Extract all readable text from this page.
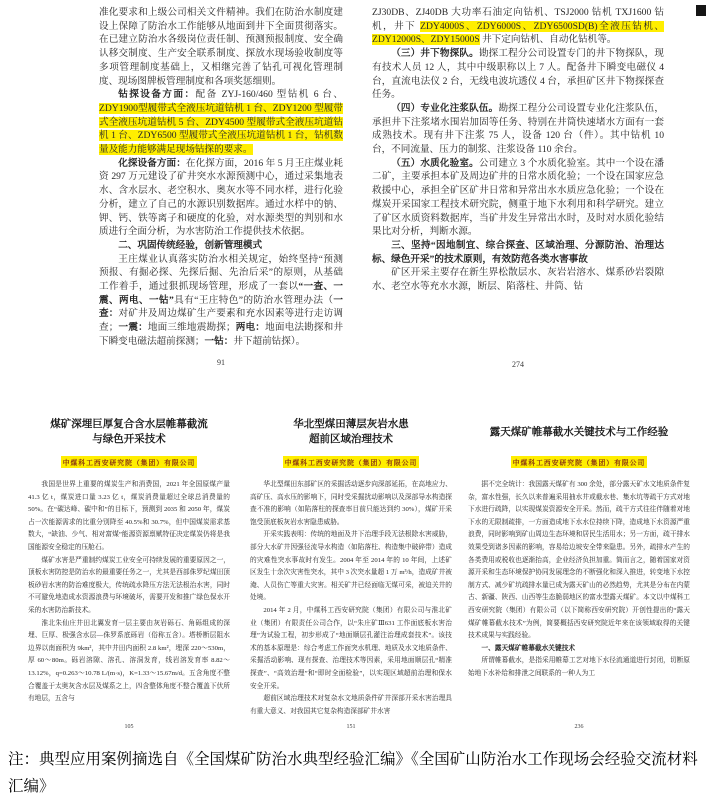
准化要求和上级公司相关文件精神。我们在防治水制度建设上保障了防治水工作能够从地面到井下全面贯彻落实。在已建立防治水各级岗位责任制、预测预报制度、安全确认移交制度、生产安全联系制度、探放水现场验收制度等多项管理制度基础上，又相继完善了钻孔可视化管理制度、现场图牌板管理制度和各项奖惩细则。

钻探设备方面：配备 ZYJ-160/460 型钻机 6 台、ZDY1900型履带式全液压坑道钻机 1 台、ZDY1200 型履带式全液压坑道钻机 5 台、ZDY4500 型履带式全液压坑道钻机 1 台、ZDY6500 型履带式全液压坑道钻机 1 台，钻机数量及能力能够满足现场钻探的要求。

化探设备方面：在化探方面，2016 年 5 月王庄煤业耗资 297 万元建设了矿井突水水源预测中心，通过采集地表水、含水层水、老空积水、奥灰水等不同水样，进行化验分析，建立了自己的水源识别数据库。通过水样中的钠、钾、钙、铁等离子和硬度的化验，对水源类型的判别和水质进行全面分析，为水害防治工作提供技术依据。

二、巩固传统经验，创新管理模式

王庄煤业认真落实防治水相关规定，始终坚持“预测预报、有掘必探、先探后掘、先治后采”的原则，从基础工作着手，通过狠抓现场管理，形成了一套以“一查、一震、两电、一钻”具有“王庄特色”的防治水管理办法（一查：对矿井及周边煤矿生产要素和充水因素等进行走访调查；一震：地面三维地震勘探；两电：地面电法勘探和井下瞬变电磁法超前探测；一钻：井下超前钻探）。

91

ZJ30DB、ZJ40DB 大功率石油定向钻机、TSJ2000 钻机 TXJ1600 钻机，井下 ZDY4000S、ZDY6000S、ZDY6500SD(B)全液压钻机、ZDY12000S、ZDY15000S 井下定向钻机、自动化钻机等。

（三）井下物探队。勘探工程分公司设置专门的井下物探队，现有技术人员 12 人，其中中级职称以上 7 人。配备井下瞬变电磁仪 4 台，直流电法仪 2 台，无线电波坑透仪 4 台，承担矿区井下物探探查任务。

（四）专业化注浆队伍。勘探工程分公司设置专业化注浆队伍，承担井下注浆堵水围岩加固等任务、特别在井筒快速堵水方面有一套成熟技术。现有井下注浆 75 人，设备 120 台（件）。其中钻机 10 台，不同流量、压力的制浆、注浆设备 110 余台。

（五）水质化验室。公司建立 3 个水质化验室。其中一个设在潘二矿，主要承担本矿及周边矿井的日常水质化验；一个设在国家应急救援中心，承担全矿区矿井日常和异常出水水质应急化验；一个设在煤炭开采国家工程技术研究院，侧重于地下水利用和科学研究。建立了矿区水质资料数据库，当矿井发生异常出水时，及时对水质化验结果比对分析，判断水源。

三、坚持“因地制宜、综合探查、区域治理、分源防治、治理达标、绿色开采”的技术原则，有效防范各类水害事故

矿区开采主要存在新生界松散层水、灰岩岩溶水、煤系砂岩裂隙水、老空水等充水水源，断层、陷落柱、井筒、钻

274
煤矿深埋巨厚复合含水层帷幕截流
与绿色开采技术
中煤科工西安研究院（集团）有限公司

我国是世界上重要的煤炭生产和消费国，2021 年全国原煤产量 41.3 亿 t，煤炭进口量 3.23 亿 t，煤炭消费量超过全球总消费量的 50%。在“碳达峰、碳中和”的目标下，预测到 2035 和 2050 年，煤炭占一次能源需求的比重分别降至 40.5%和 30.7%，但中国煤炭需求基数大，“缺油、少气、相对富煤”能源资源禀赋特征决定煤炭仍将是我国能源安全稳定的压舱石。

煤矿水害是严重制约煤炭工业安全可持续发展的重要原因之一，顶板水害防控是防治水的最重要任务之一，尤其是西部侏罗纪煤田顶板砂岩水害的防治难度极大，传统疏水降压方法无法根治水害，同时不可避免地造成水资源浪费与环境破坏，需要开发和推广绿色保水开采的水害防治新技术。

淮北朱仙庄井田北翼发育一层主要由灰岩砾石、角砾组成的深埋、巨厚、极强含水层—侏罗系底砾岩（俗称五含）。塔桥断层阻水边界以南面积为 9km²，其中井田内面积 2.8 km²，埋深 220～530m，厚 60～80m。砾岩溶隙、溶孔、溶洞发育，线岩溶发育率 8.82～13.12%，q=0.263～10.78 L/(m·s)，K=1.33～15.67m/d。五含角度不整合覆盖于太奥灰含水层及煤系之上，四含整体角度不整合覆盖下伏所有地层，五含与

105
华北型煤田薄层灰岩水患
超前区域治理技术
中煤科工西安研究院（集团）有限公司

华北型煤田东部矿区的采掘活动逐步向深部延拓，在高地应力、高矿压、高水压的影响下，同时受采掘扰动影响以及深部导水构造探查不准的影响（如陷落柱的探查率目前只能达到约 30%），煤矿开采饱受顶底板灰岩水害隐患威胁。

开采实践表明：传统的地面及井下治理手段无法根除水害威胁，部分大水矿井因强径流导水构造（如陷落柱、构造集中破碎带）造成的灾难性突水事故时有发生。2004 年至 2014 年的 10 年间，上述矿区发生十余次灾害性突水，其中 3 次突水量超 1 万 m³/h，造成矿井被淹、人员伤亡等重大灾害。相关矿井已经面临无煤可采，被迫关井的处境。

2014 年 2 月，中煤科工西安研究院（集团）有限公司与淮北矿业（集团）有限责任公司合作，以“朱庄矿Ⅲ631 工作面底板水害治理”为试验工程，初步形成了“地面顺层孔灌注治理成套技术”。该技术的基本原理是：综合考虑工作面突水机理、地质及水文地质条件、采掘活动影响、现有探查、治理技术等因素，采用地面顺层孔“精准探查”、“高效治理”和“即时全面检验”，以实现区域超前治理和保水安全开采。

超前区域治理技术对复杂水文地质条件矿井深部开采水害治理具有重大意义、对我国其它复杂构造深部矿井水害

151
露天煤矿帷幕截水关键技术与工作经验
中煤科工西安研究院（集团）有限公司

据不完全统计：我国露天煤矿有 300 余处，部分露天矿水文地质条件复杂，富水性强，长久以来普遍采用抽水井或截水巷、集水坑等疏干方式对地下水进行疏降，以实现煤炭资源安全开采。然而，疏干方式往往伴随着对地下水的无限制疏排，一方面造成地下水水位持续下降，造成地下水资源严重浪费，同时影响到矿山周边生态环境和居民生活用水；另一方面，疏干排水效果受到诸多因素的影响，容易给边坡安全带来隐患。另外，疏排水产生的各类费用或税收也逐渐抬高，企业经济负担加重。简而言之，随着国家对资源开采和生态环境保护协同发展理念的不断强化和深入推进，转变地下水控制方式、减少矿坑疏排水量已成为露天矿山的必然趋势，尤其是分布在内蒙古、新疆、陕西、山西等生态脆弱地区的富水型露天煤矿。本文以中煤科工西安研究院（集团）有限公司（以下简称西安研究院）开创性提出的“露天煤矿帷幕截水技术”为例，简要概括西安研究院近年来在该领域取得的关键技术成果与实践经验。

一、露天煤矿帷幕截水关键技术

所谓帷幕截水，是指采用帷幕工艺对地下水径流通道进行封闭，切断原始地下水补给和排泄之间联系的一种人为工

236
注：典型应用案例摘选自《全国煤矿防治水典型经验汇编》《全国矿山防治水工作现场会经验交流材料汇编》
